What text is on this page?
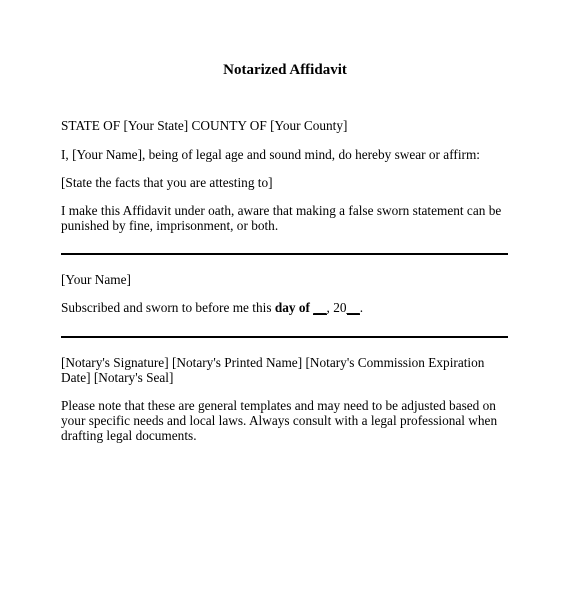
Notarized Affidavit
STATE OF [Your State] COUNTY OF [Your County]
I, [Your Name], being of legal age and sound mind, do hereby swear or affirm:
[State the facts that you are attesting to]
I make this Affidavit under oath, aware that making a false sworn statement can be punished by fine, imprisonment, or both.
[Your Name]
Subscribed and sworn to before me this day of __, 20__.
[Notary's Signature] [Notary's Printed Name] [Notary's Commission Expiration Date] [Notary's Seal]
Please note that these are general templates and may need to be adjusted based on your specific needs and local laws. Always consult with a legal professional when drafting legal documents.
